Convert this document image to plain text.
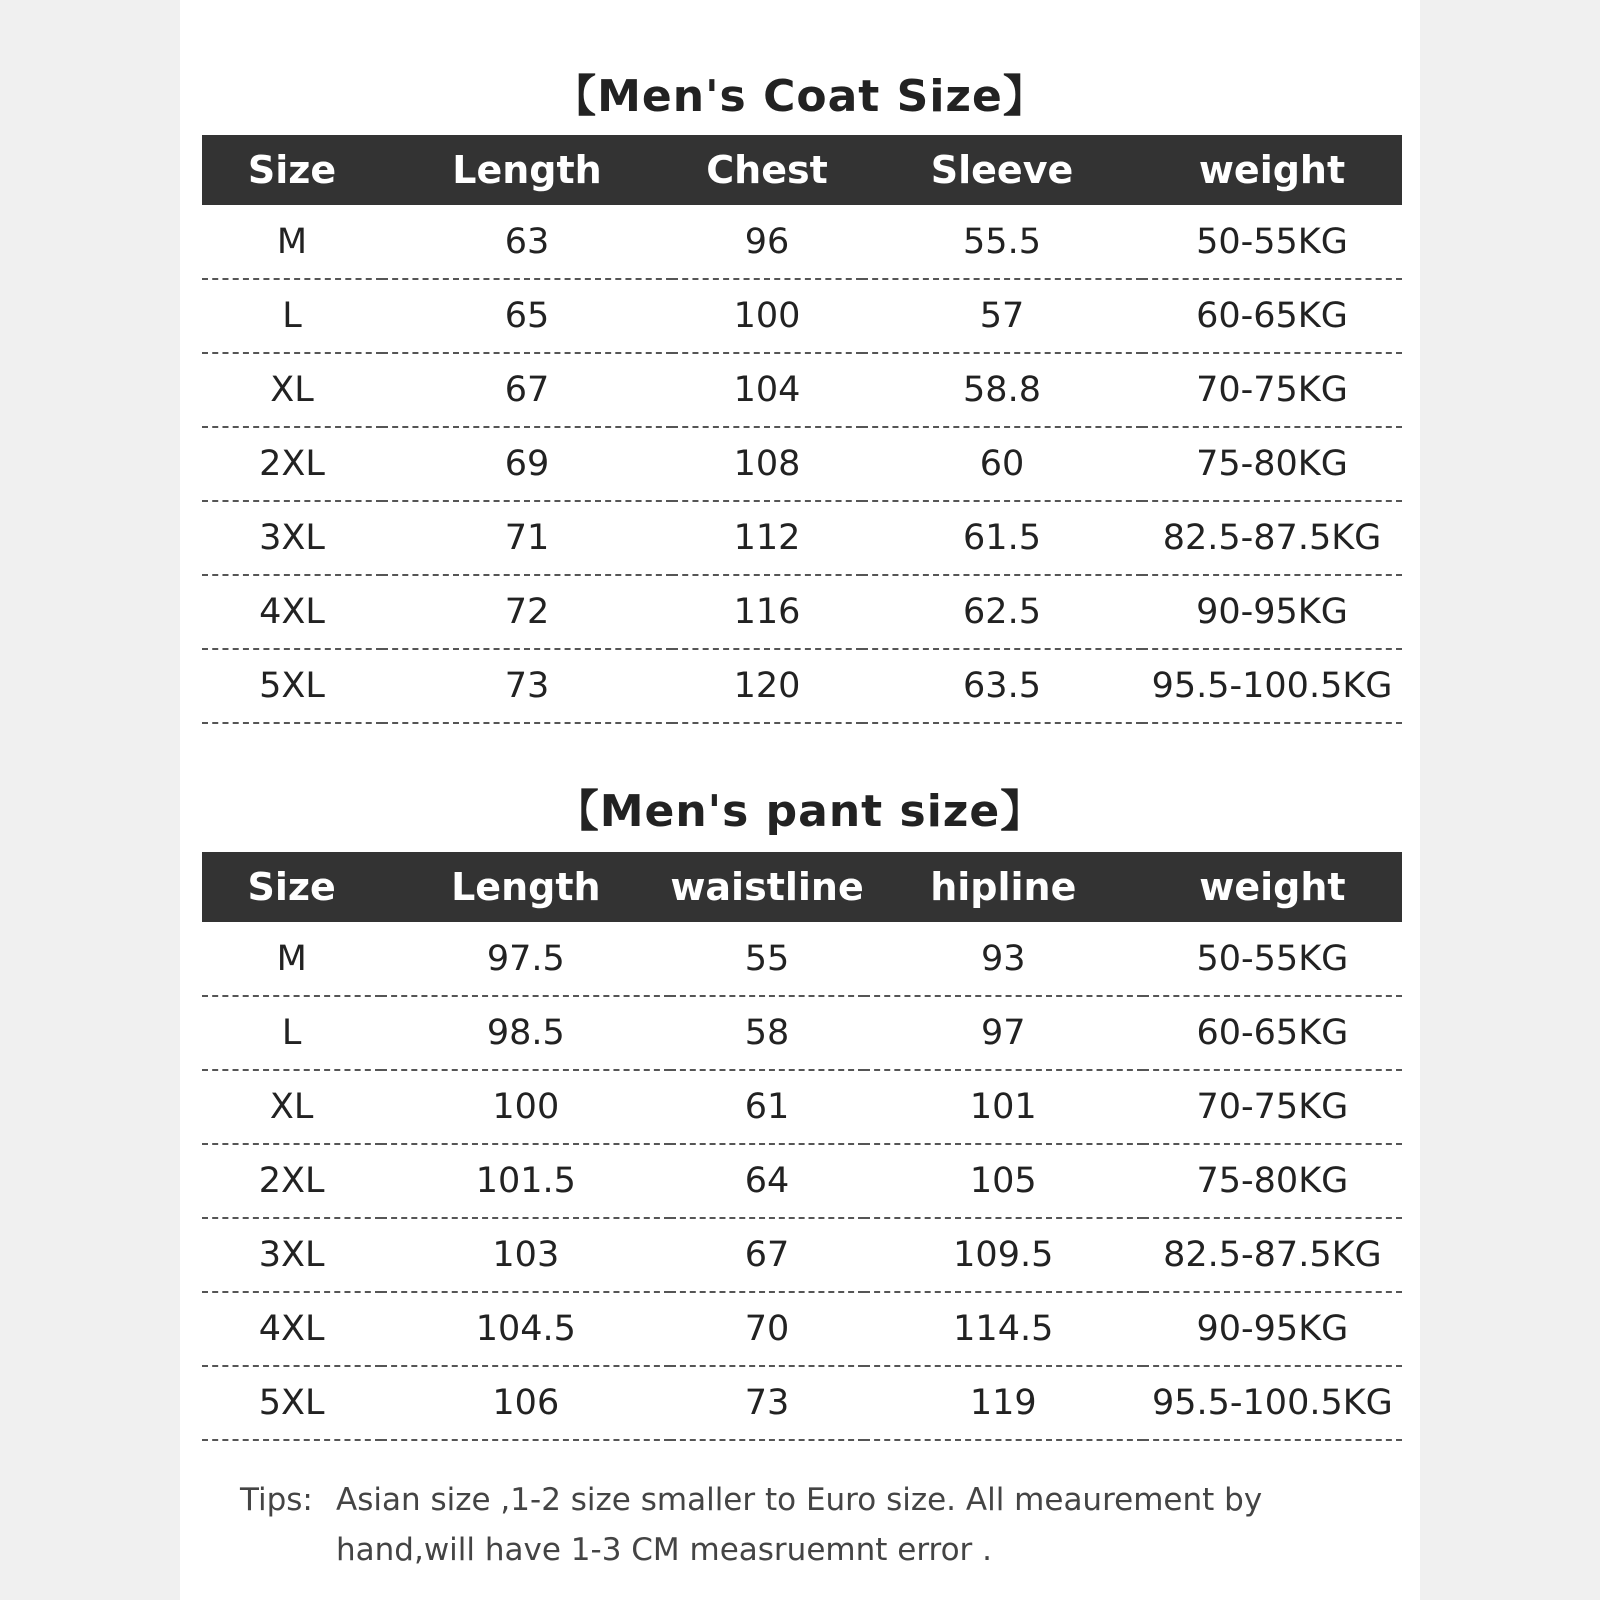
【Men's Coat Size】
Size	Length	Chest	Sleeve	weight
M	63	96	55.5	50-55KG
L	65	100	57	60-65KG
XL	67	104	58.8	70-75KG
2XL	69	108	60	75-80KG
3XL	71	112	61.5	82.5-87.5KG
4XL	72	116	62.5	90-95KG
5XL	73	120	63.5	95.5-100.5KG
【Men's pant size】
Size	Length	waistline	hipline	weight
M	97.5	55	93	50-55KG
L	98.5	58	97	60-65KG
XL	100	61	101	70-75KG
2XL	101.5	64	105	75-80KG
3XL	103	67	109.5	82.5-87.5KG
4XL	104.5	70	114.5	90-95KG
5XL	106	73	119	95.5-100.5KG
Tips: Asian size ,1-2 size smaller to Euro size. All meaurement by hand,will have 1-3 CM measruemnt error .
